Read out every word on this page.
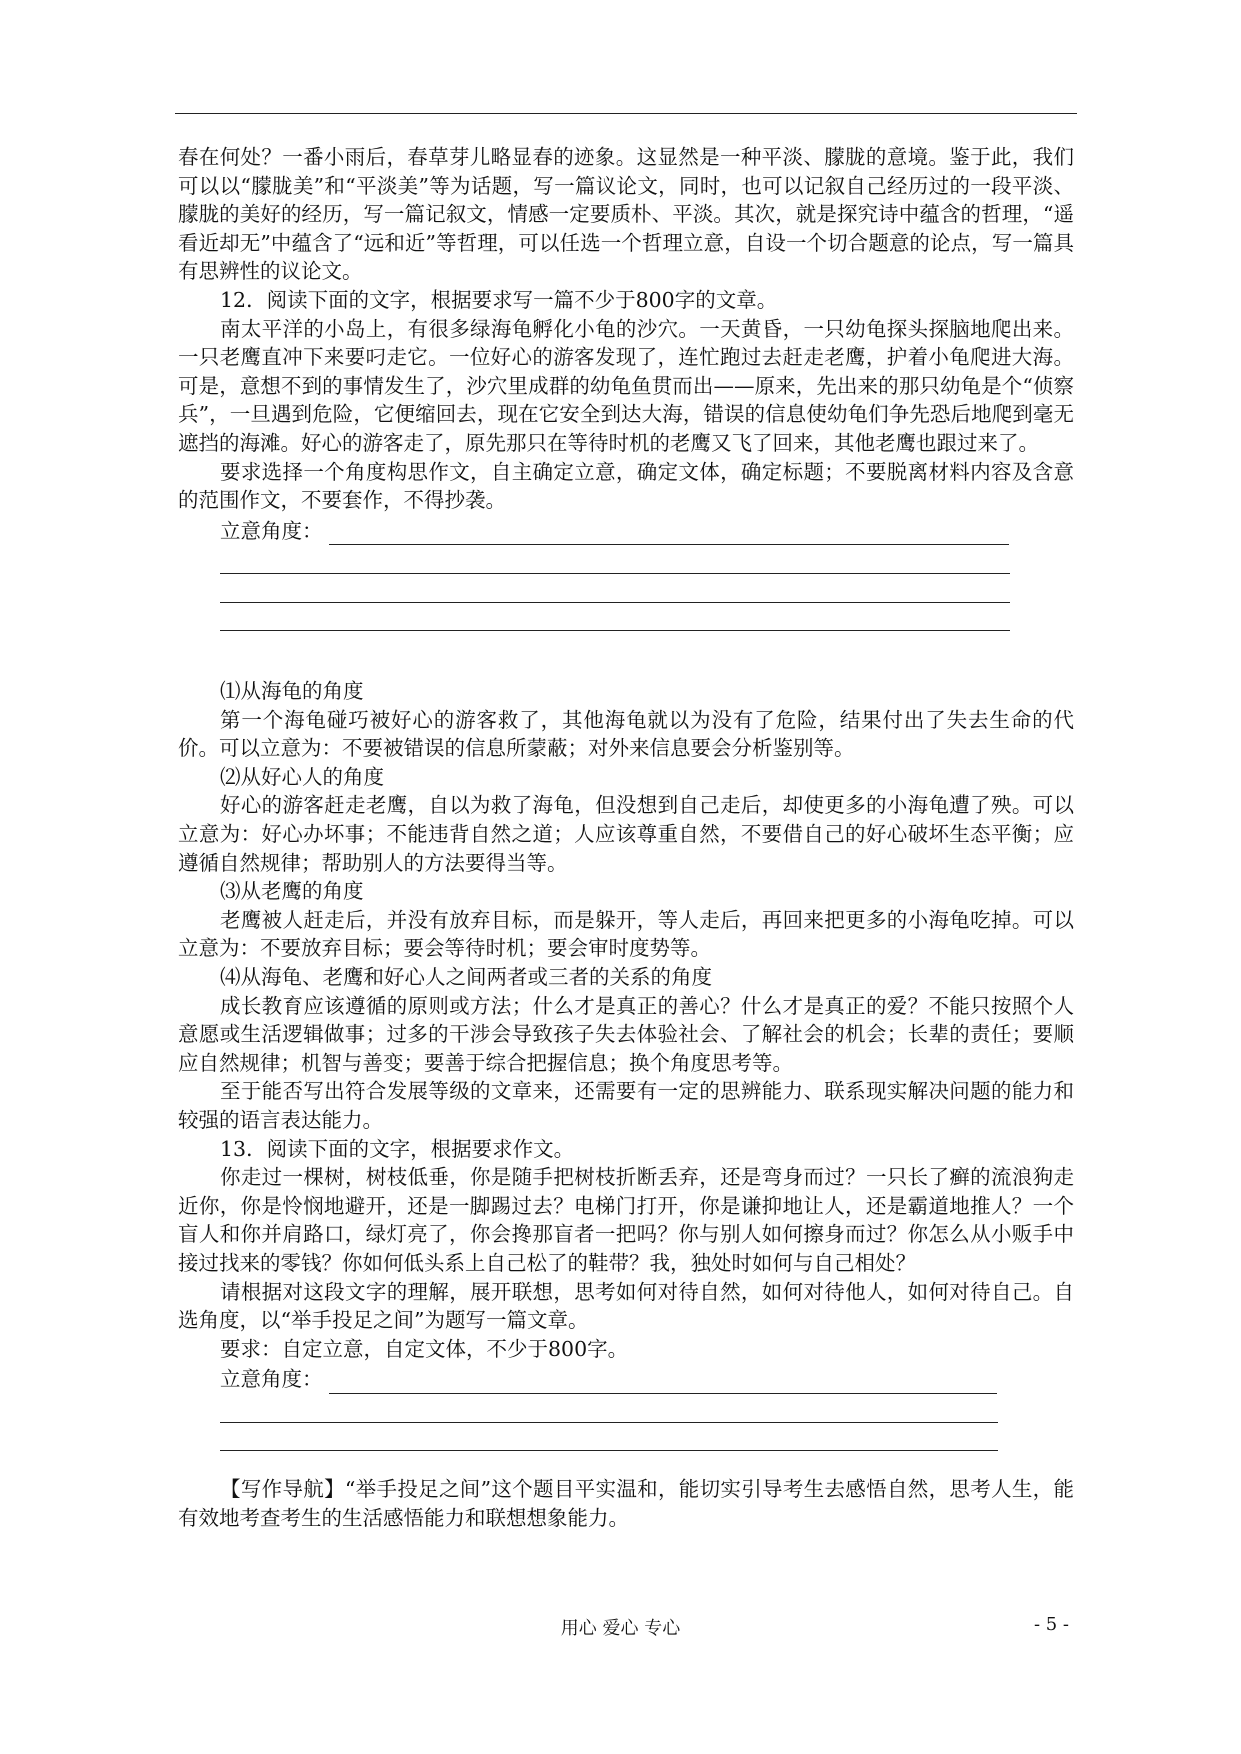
春在何处？一番小雨后，春草芽儿略显春的迹象。这显然是一种平淡、朦胧的意境。鉴于此，我们可以以“朦胧美”和“平淡美”等为话题，写一篇议论文，同时，也可以记叙自己经历过的一段平淡、朦胧的美好的经历，写一篇记叙文，情感一定要质朴、平淡。其次，就是探究诗中蕴含的哲理，“遥看近却无”中蕴含了“远和近”等哲理，可以任选一个哲理立意，自设一个切合题意的论点，写一篇具有思辨性的议论文。

12．阅读下面的文字，根据要求写一篇不少于800字的文章。

南太平洋的小岛上，有很多绿海龟孵化小龟的沙穴。一天黄昏，一只幼龟探头探脑地爬出来。一只老鹰直冲下来要叼走它。一位好心的游客发现了，连忙跑过去赶走老鹰，护着小龟爬进大海。可是，意想不到的事情发生了，沙穴里成群的幼龟鱼贯而出——原来，先出来的那只幼龟是个“侦察兵”，一旦遇到危险，它便缩回去，现在它安全到达大海，错误的信息使幼龟们争先恐后地爬到毫无遮挡的海滩。好心的游客走了，原先那只在等待时机的老鹰又飞了回来，其他老鹰也跟过来了。

要求选择一个角度构思作文，自主确定立意，确定文体，确定标题；不要脱离材料内容及含意的范围作文，不要套作，不得抄袭。

立意角度：

⑴从海龟的角度

第一个海龟碰巧被好心的游客救了，其他海龟就以为没有了危险，结果付出了失去生命的代价。可以立意为：不要被错误的信息所蒙蔽；对外来信息要会分析鉴别等。

⑵从好心人的角度

好心的游客赶走老鹰，自以为救了海龟，但没想到自己走后，却使更多的小海龟遭了殃。可以立意为：好心办坏事；不能违背自然之道；人应该尊重自然，不要借自己的好心破坏生态平衡；应遵循自然规律；帮助别人的方法要得当等。

⑶从老鹰的角度

老鹰被人赶走后，并没有放弃目标，而是躲开，等人走后，再回来把更多的小海龟吃掉。可以立意为：不要放弃目标；要会等待时机；要会审时度势等。

⑷从海龟、老鹰和好心人之间两者或三者的关系的角度

成长教育应该遵循的原则或方法；什么才是真正的善心？什么才是真正的爱？不能只按照个人意愿或生活逻辑做事；过多的干涉会导致孩子失去体验社会、了解社会的机会；长辈的责任；要顺应自然规律；机智与善变；要善于综合把握信息；换个角度思考等。

至于能否写出符合发展等级的文章来，还需要有一定的思辨能力、联系现实解决问题的能力和较强的语言表达能力。

13．阅读下面的文字，根据要求作文。

你走过一棵树，树枝低垂，你是随手把树枝折断丢弃，还是弯身而过？一只长了癣的流浪狗走近你，你是怜悯地避开，还是一脚踢过去？电梯门打开，你是谦抑地让人，还是霸道地推人？一个盲人和你并肩路口，绿灯亮了，你会搀那盲者一把吗？你与别人如何擦身而过？你怎么从小贩手中接过找来的零钱？你如何低头系上自己松了的鞋带？我，独处时如何与自己相处？

请根据对这段文字的理解，展开联想，思考如何对待自然，如何对待他人，如何对待自己。自选角度，以“举手投足之间”为题写一篇文章。

要求：自定立意，自定文体，不少于800字。

立意角度：

【写作导航】“举手投足之间”这个题目平实温和，能切实引导考生去感悟自然，思考人生，能有效地考查考生的生活感悟能力和联想想象能力。

用心 爱心 专心	- 5 -
